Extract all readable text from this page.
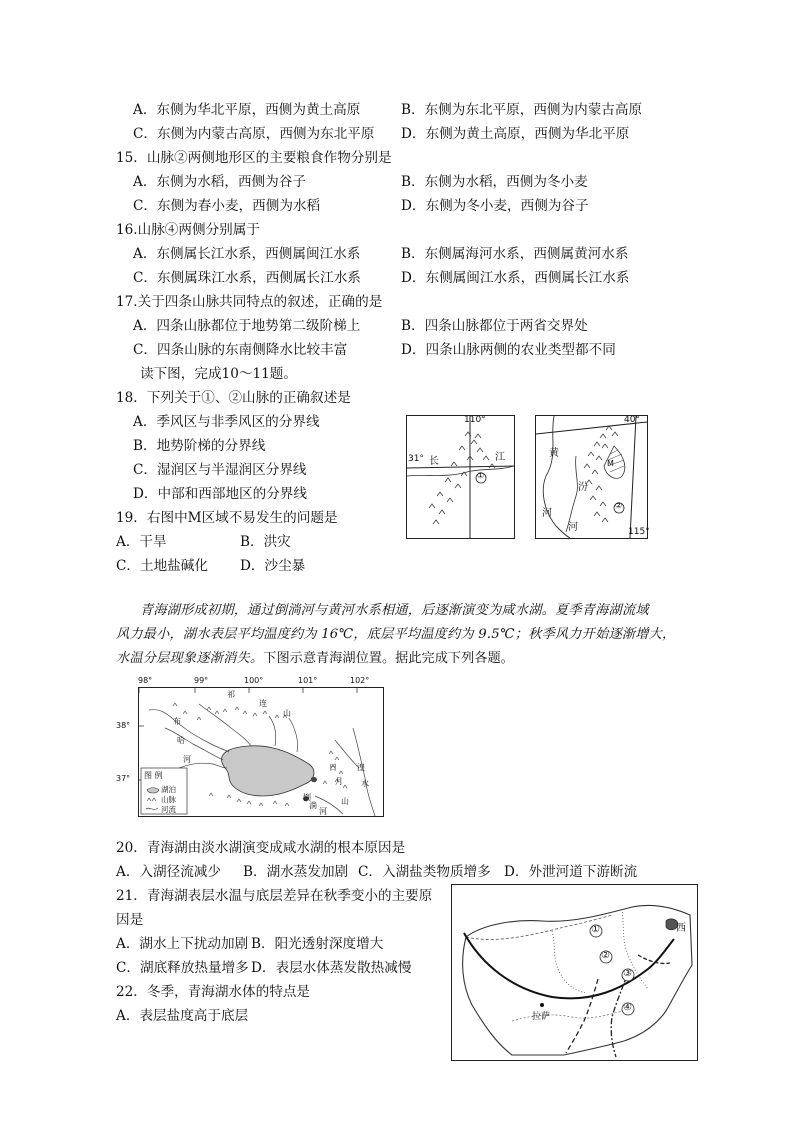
A．东侧为华北平原，西侧为黄土高原	B．东侧为东北平原，西侧为内蒙古高原
C．东侧为内蒙古高原，西侧为东北平原 D．东侧为黄土高原，西侧为华北平原
15．山脉②两侧地形区的主要粮食作物分别是
A．东侧为水稻，西侧为谷子	B．东侧为水稻，西侧为冬小麦
C．东侧为春小麦，西侧为水稻	D．东侧为冬小麦，西侧为谷子
16.山脉④两侧分别属于
A．东侧属长江水系，西侧属闽江水系	B．东侧属海河水系，西侧属黄河水系
C．东侧属珠江水系，西侧属长江水系	D．东侧属闽江水系，西侧属长江水系
17.关于四条山脉共同特点的叙述，正确的是
A．四条山脉都位于地势第二级阶梯上	B．四条山脉都位于两省交界处
C．四条山脉的东南侧降水比较丰富	D．四条山脉两侧的农业类型都不同
读下图，完成10～11题。
18．下列关于①、②山脉的正确叙述是
A．季风区与非季风区的分界线
B．地势阶梯的分界线
C．湿润区与半湿润区分界线
D．中部和西部地区的分界线
19．右图中M区域不易发生的问题是
A．干旱	B．洪灾
C．土地盐碱化 D．沙尘暴
110°
31° 长	江
①
40°
115°
黄
河
汾
河
M
②
青海湖形成初期，通过倒淌河与黄河水系相通，后逐渐演变为咸水湖。夏季青海湖流域
风力最小，湖水表层平均温度约为 16℃，底层平均温度约为 9.5℃；秋季风力开始逐渐增大，
水温分层现象逐渐消失。下图示意青海湖位置。据此完成下列各题。
98°	99°	100°	101°	102°
38°
37° 图 例
湖泊
山脉
河流
布
哈
河
祁
连
山
日
月
山
倒
淌
河
湟
水
20．青海湖由淡水湖演变成咸水湖的根本原因是
A．入湖径流减少 B．湖水蒸发加剧 C．入湖盐类物质增多 D．外泄河道下游断流
21．青海湖表层水温与底层差异在秋季变小的主要原
因是
A．湖水上下扰动加剧 B．阳光透射深度增大
C．湖底释放热量增多 D．表层水体蒸发散热减慢
22．冬季，青海湖水体的特点是
A．表层盐度高于底层
西
拉萨
①
②
③
④
